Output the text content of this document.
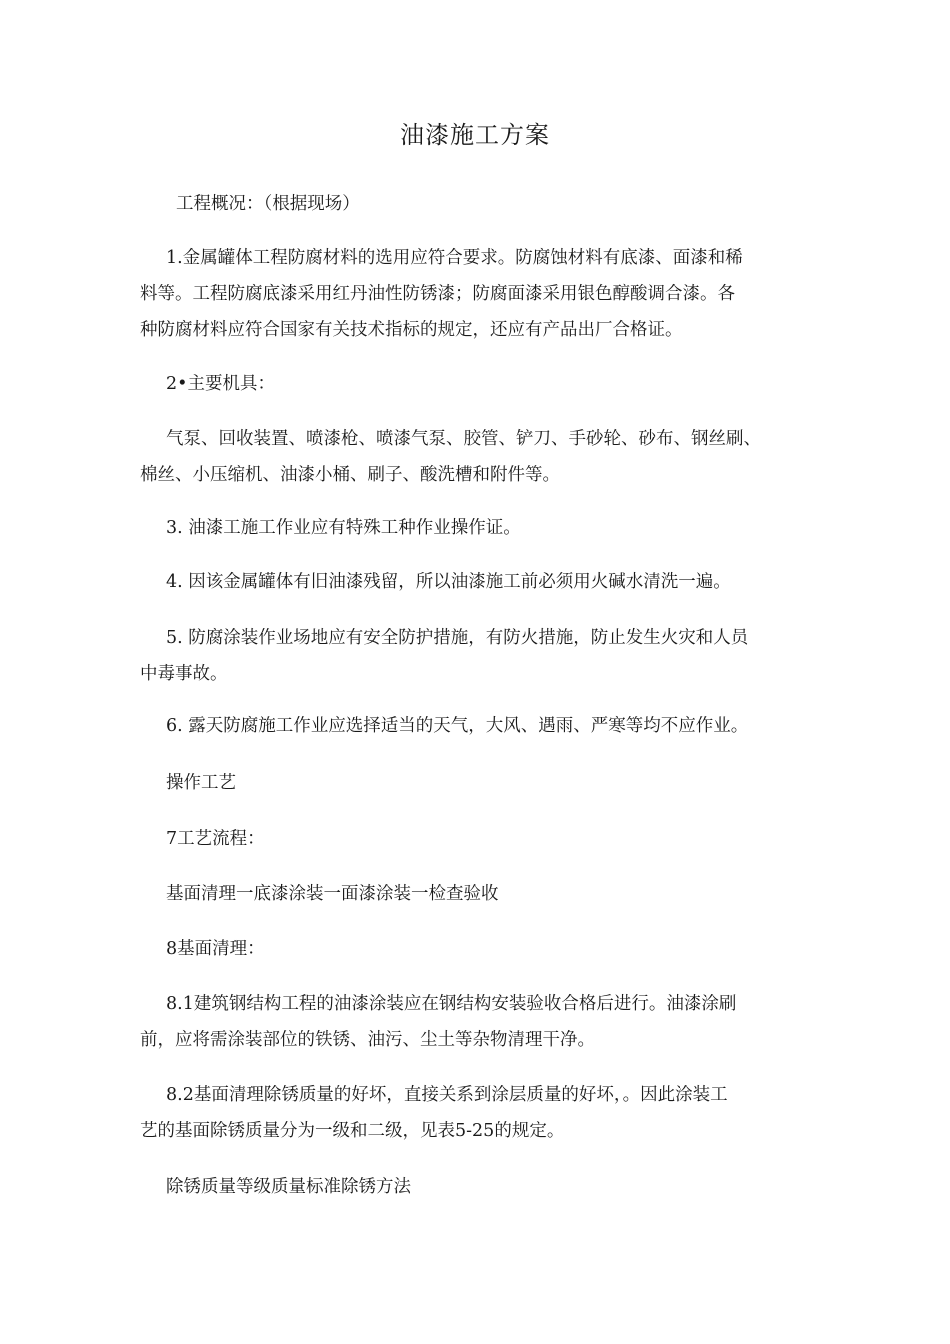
油漆施工方案
工程概况：（根据现场）
1.金属罐体工程防腐材料的选用应符合要求。防腐蚀材料有底漆、面漆和稀
料等。工程防腐底漆采用红丹油性防锈漆；防腐面漆采用银色醇酸调合漆。各
种防腐材料应符合国家有关技术指标的规定，还应有产品出厂合格证。
2•主要机具：
气泵、回收装置、喷漆枪、喷漆气泵、胶管、铲刀、手砂轮、砂布、钢丝刷、
棉丝、小压缩机、油漆小桶、刷子、酸洗槽和附件等。
3. 油漆工施工作业应有特殊工种作业操作证。
4. 因该金属罐体有旧油漆残留，所以油漆施工前必须用火碱水清洗一遍。
5. 防腐涂装作业场地应有安全防护措施，有防火措施，防止发生火灾和人员
中毒事故。
6. 露天防腐施工作业应选择适当的天气，大风、遇雨、严寒等均不应作业。
操作工艺
7工艺流程：
基面清理一底漆涂装一面漆涂装一检查验收
8基面清理：
8.1建筑钢结构工程的油漆涂装应在钢结构安装验收合格后进行。油漆涂刷
前，应将需涂装部位的铁锈、油污、尘土等杂物清理干净。
8.2基面清理除锈质量的好坏，直接关系到涂层质量的好坏，。因此涂装工
艺的基面除锈质量分为一级和二级，见表5-25的规定。
除锈质量等级质量标准除锈方法
